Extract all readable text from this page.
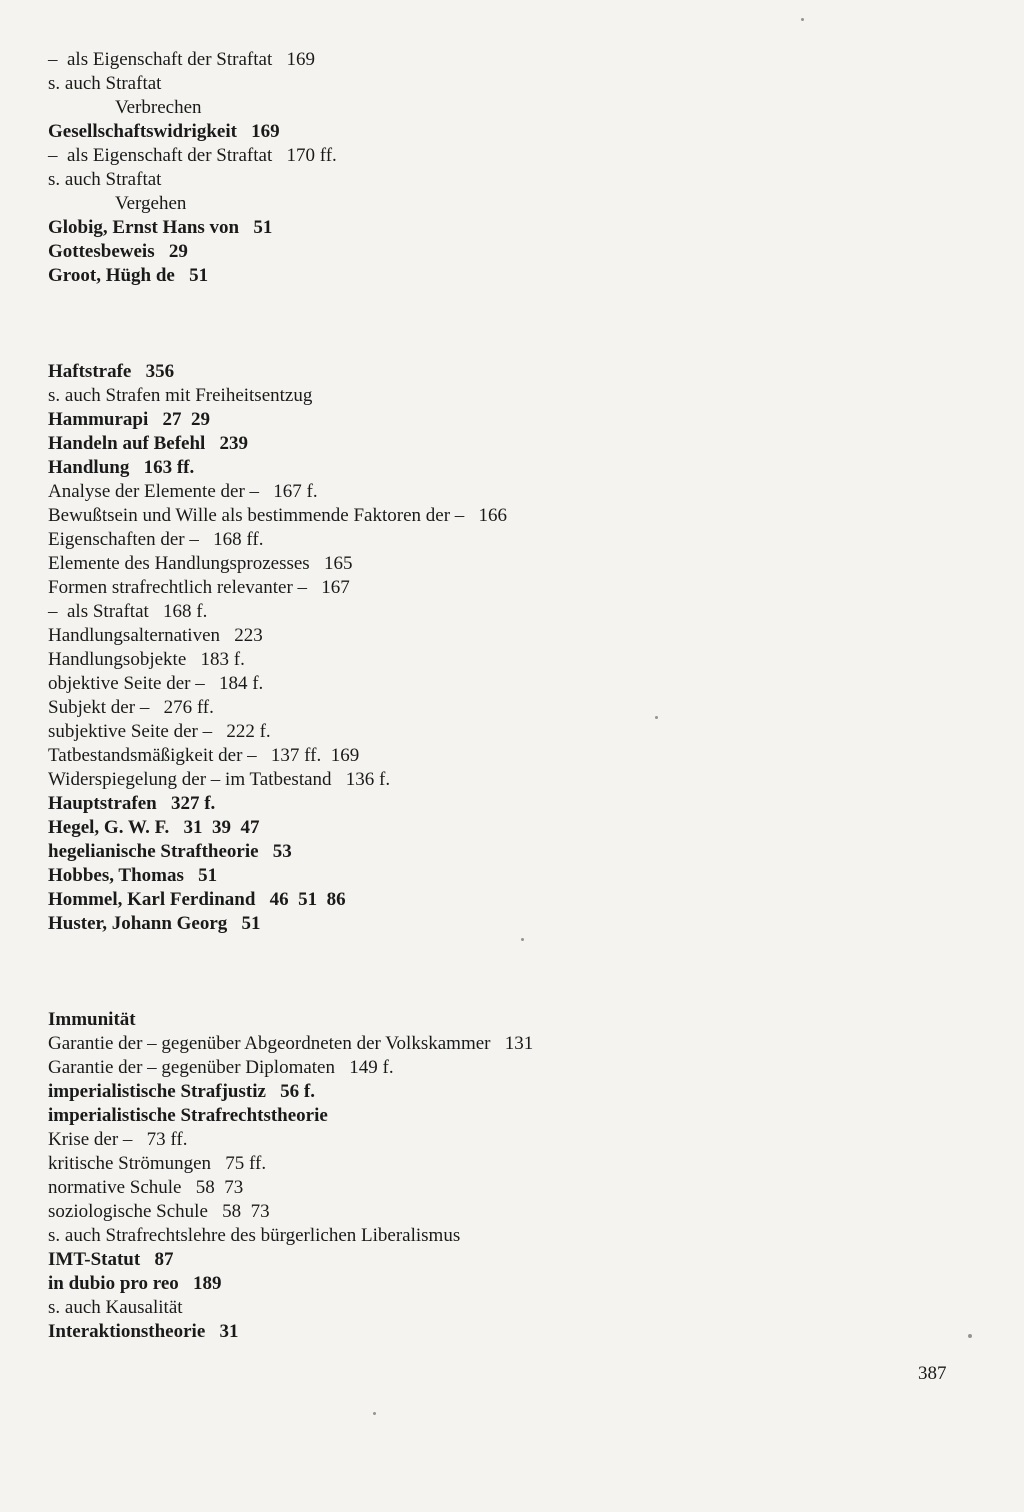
–  als Eigenschaft der Straftat   169
s. auch Straftat
Verbrechen
Gesellschaftswidrigkeit   169
–  als Eigenschaft der Straftat   170 ff.
s. auch Straftat
Vergehen
Globig, Ernst Hans von   51
Gottesbeweis   29
Groot, Hügh de   51
Haftstrafe   356
s. auch Strafen mit Freiheitsentzug
Hammurapi   27  29
Handeln auf Befehl   239
Handlung   163 ff.
Analyse der Elemente der –   167 f.
Bewußtsein und Wille als bestimmende Faktoren der –   166
Eigenschaften der –   168 ff.
Elemente des Handlungsprozesses   165
Formen strafrechtlich relevanter –   167
–  als Straftat   168 f.
Handlungsalternativen   223
Handlungsobjekte   183 f.
objektive Seite der –   184 f.
Subjekt der –   276 ff.
subjektive Seite der –   222 f.
Tatbestandsmäßigkeit der –   137 ff.  169
Widerspiegelung der – im Tatbestand   136 f.
Hauptstrafen   327 f.
Hegel, G. W. F.   31  39  47
hegelianische Straftheorie   53
Hobbes, Thomas   51
Hommel, Karl Ferdinand   46  51  86
Huster, Johann Georg   51
Immunität
Garantie der – gegenüber Abgeordneten der Volkskammer   131
Garantie der – gegenüber Diplomaten   149 f.
imperialistische Strafjustiz   56 f.
imperialistische Strafrechtstheorie
Krise der –   73 ff.
kritische Strömungen   75 ff.
normative Schule   58  73
soziologische Schule   58  73
s. auch Strafrechtslehre des bürgerlichen Liberalismus
IMT-Statut   87
in dubio pro reo   189
s. auch Kausalität
Interaktionstheorie   31
387
